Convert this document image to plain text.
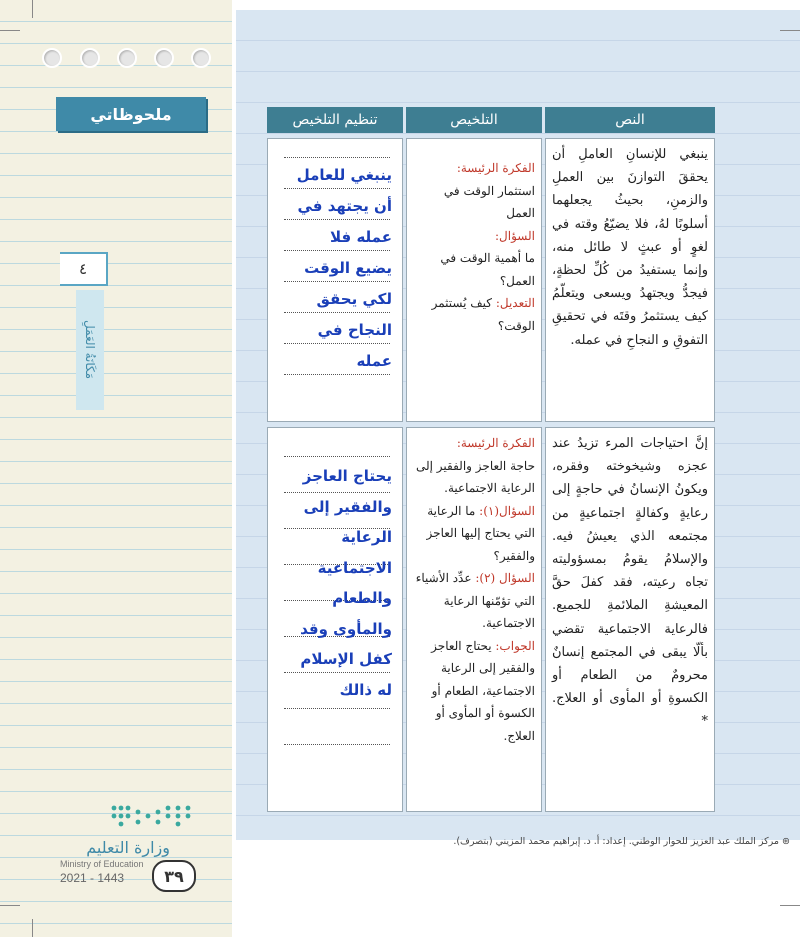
ملحوظاتي
٤
مَكَانَةُ العَمَلِ
وزارة التعليم
Ministry of Education
2021 - 1443	٣٩
النص
التلخيص
تنظيم التلخيص
ينبغي للإنسانِ العاملِ أن يحققَ التوازنَ بين العملِ والزمنِ، بحيثُ يجعلهما أسلوبًا لهُ، فلا يضيّعُ وقته في لغوٍ أو عبثٍ لا طائل منه، وإنما يستفيدُ من كُلِّ لحظةٍ، فيجدُّ ويجتهدُ ويسعى ويتعلّمُ كيف يستثمرُ وقتَه في تحقيقِ التفوقِ و النجاحِ في عمله.
الفكرة الرئيسة:
استثمار الوقت في العمل
السؤال:
ما أهمية الوقت في العمل؟
التعديل: كيف يُستثمر الوقت؟
ينبغي للعامل
أن يجتهد في
عمله فلا
يضيع الوقت
لكي يحقق
النجاح في
عمله
إنَّ احتياجات المرء تزيدُ عند عجزه وشيخوخته وفقره، ويكونُ الإنسانُ في حاجةٍ إلى رعايةٍ وكفالةٍ اجتماعيةٍ من مجتمعه الذي يعيشُ فيه. والإسلامُ يقومُ بمسؤوليته تجاه رعيته، فقد كفلَ حقَّ المعيشةِ الملائمةِ للجميع. فالرعاية الاجتماعية تقضي بألّا يبقى في المجتمع إنسانٌ محرومٌ من الطعام أو الكسوةِ أو المأوى أو العلاج. *
الفكرة الرئيسة:
حاجة العاجز والفقير إلى الرعاية الاجتماعية.
السؤال(١): ما الرعاية التي يحتاج إليها العاجز والفقير؟
السؤال (٢): عدِّد الأشياء التي تؤمّنها الرعاية الاجتماعية.
الجواب: يحتاج العاجز والفقير إلى الرعاية الاجتماعية، الطعام أو الكسوة أو المأوى أو العلاج.
يحتاج العاجز
والفقير إلى
الرعاية
الاجتماعية
والطعام
والمأوى وقد
كفل الإسلام
له ذالك
⊛ مركز الملك عبد العزيز للحوار الوطني. إعداد: أ. د. إبراهيم محمد المزيني (بتصرف).
